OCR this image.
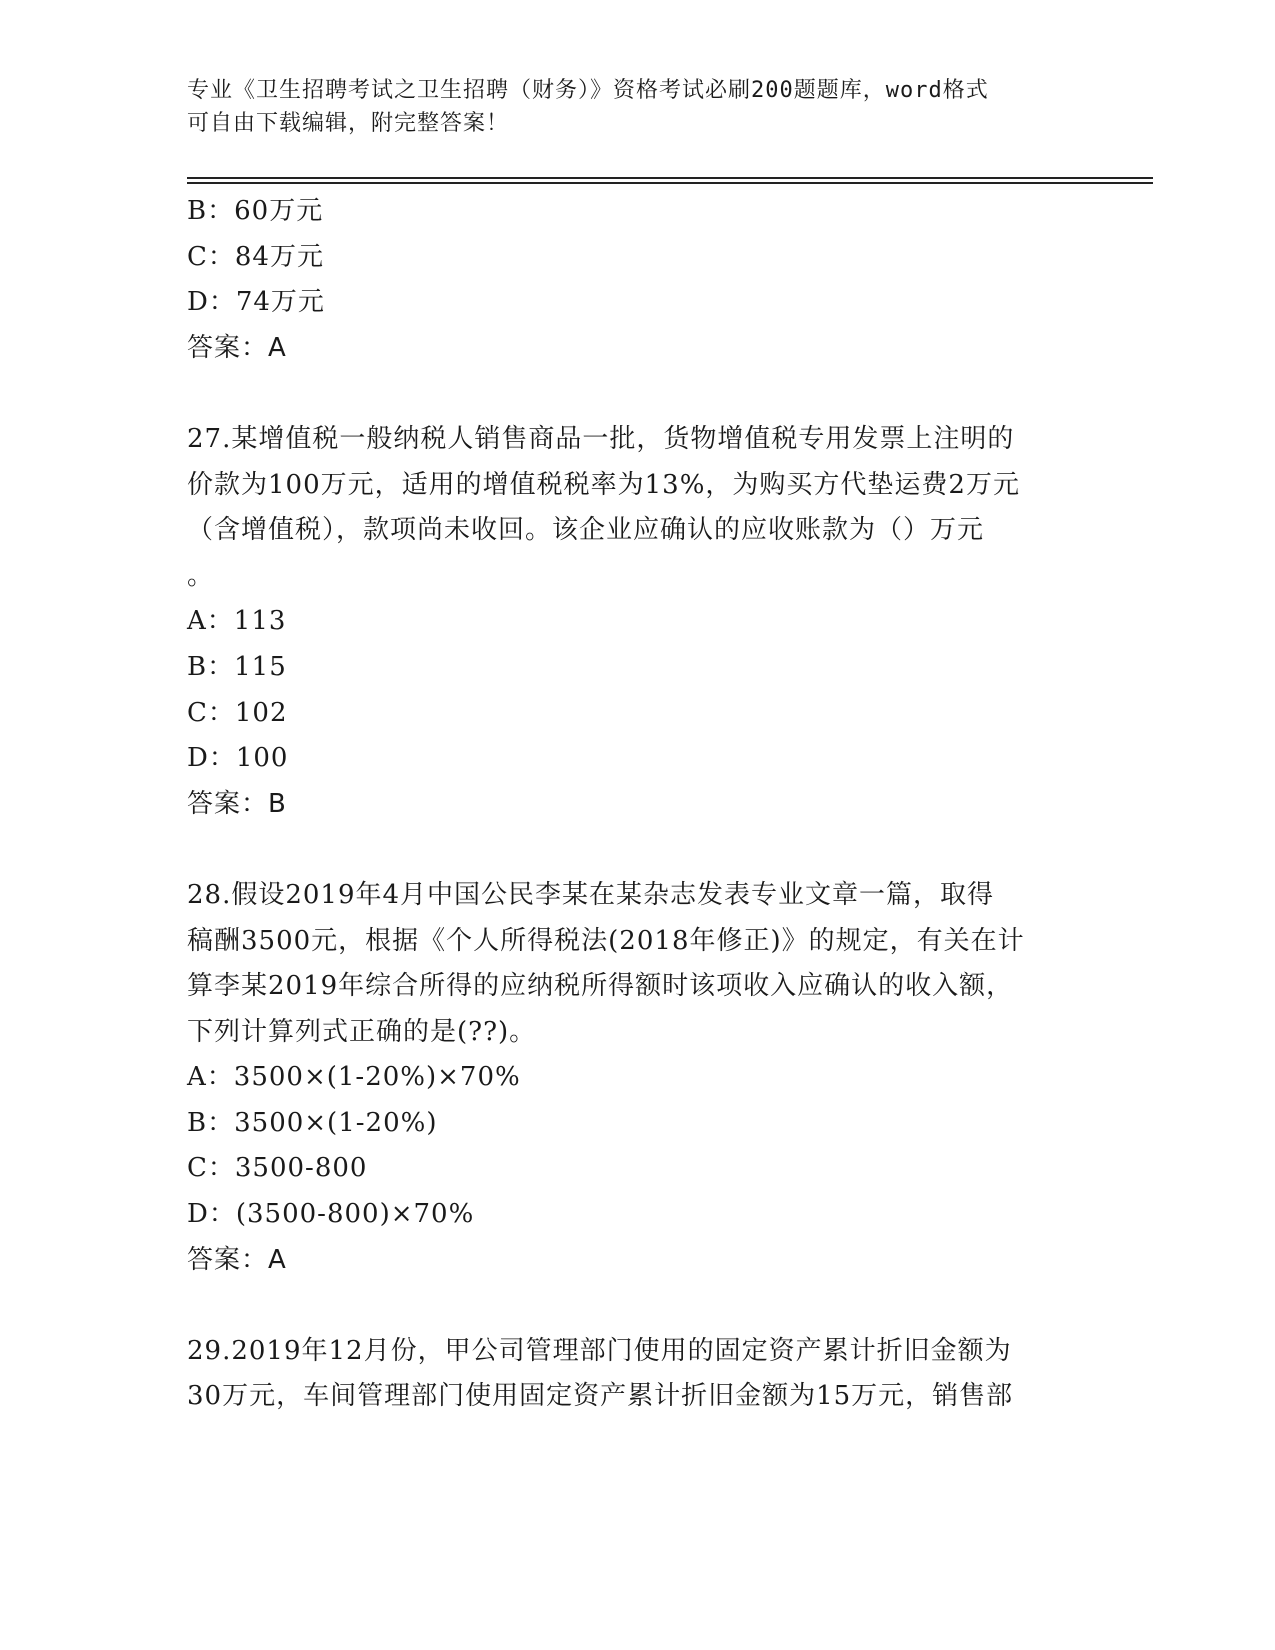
专业《卫生招聘考试之卫生招聘（财务）》资格考试必刷200题题库，word格式
可自由下载编辑，附完整答案！
B：60万元
C：84万元
D：74万元
答案：A
27.某增值税一般纳税人销售商品一批，货物增值税专用发票上注明的
价款为100万元，适用的增值税税率为13%，为购买方代垫运费2万元
（含增值税），款项尚未收回。该企业应确认的应收账款为（）万元
。
A：113
B：115
C：102
D：100
答案：B
28.假设2019年4月中国公民李某在某杂志发表专业文章一篇，取得
稿酬3500元，根据《个人所得税法(2018年修正)》的规定，有关在计
算李某2019年综合所得的应纳税所得额时该项收入应确认的收入额，
下列计算列式正确的是(??)。
A：3500×(1-20%)×70%
B：3500×(1-20%)
C：3500-800
D：(3500-800)×70%
答案：A
29.2019年12月份，甲公司管理部门使用的固定资产累计折旧金额为
30万元，车间管理部门使用固定资产累计折旧金额为15万元，销售部
